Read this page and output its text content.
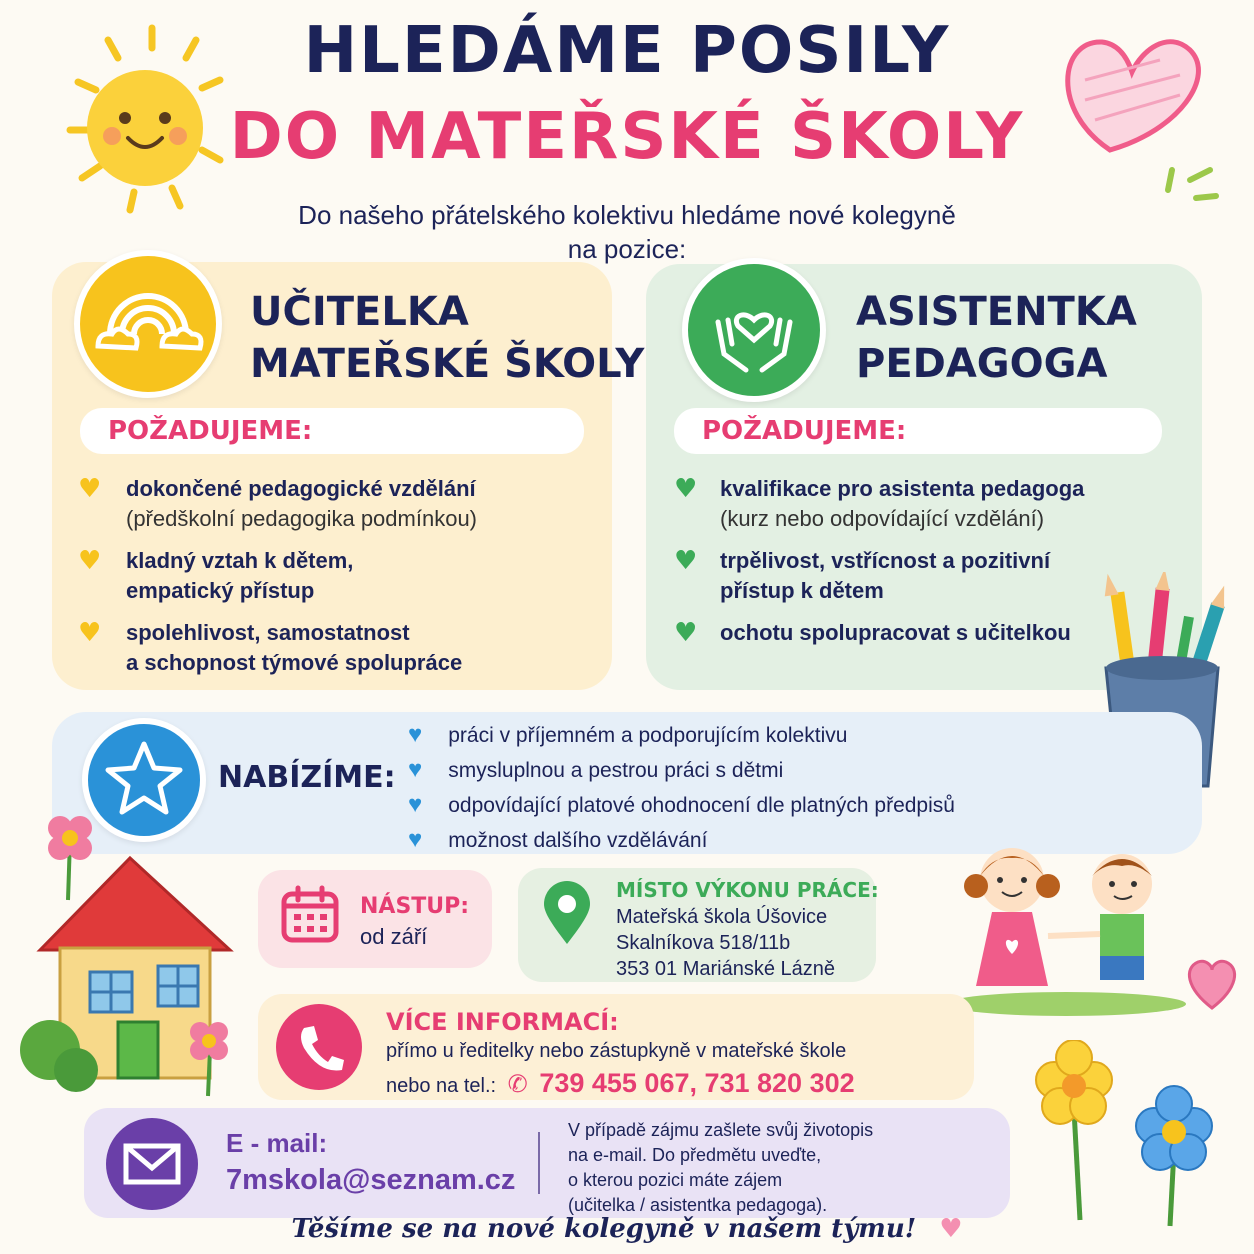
HLEDÁME POSILY
DO MATEŘSKÉ ŠKOLY
Do našeho přátelského kolektivu hledáme nové kolegyně
na pozice:
UČITELKA
MATEŘSKÉ ŠKOLY
POŽADUJEME:
♥ dokončené pedagogické vzdělání
(předškolní pedagogika podmínkou)
♥ kladný vztah k dětem,
empatický přístup
♥ spolehlivost, samostatnost
a schopnost týmové spolupráce
ASISTENTKA
PEDAGOGA
POŽADUJEME:
♥ kvalifikace pro asistenta pedagoga
(kurz nebo odpovídající vzdělání)
♥ trpělivost, vstřícnost a pozitivní
přístup k dětem
♥ ochotu spolupracovat s učitelkou
NABÍZÍME:
♥ práci v příjemném a podporujícím kolektivu
♥ smysluplnou a pestrou práci s dětmi
♥ odpovídající platové ohodnocení dle platných předpisů
♥ možnost dalšího vzdělávání
NÁSTUP:
od září
MÍSTO VÝKONU PRÁCE:
Mateřská škola Úšovice
Skalníkova 518/11b
353 01 Mariánské Lázně
VÍCE INFORMACÍ:
přímo u ředitelky nebo zástupkyně v mateřské škole
nebo na tel.: ✆ 739 455 067, 731 820 302
E - mail:
7mskola@seznam.cz
V případě zájmu zašlete svůj životopis
na e-mail. Do předmětu uveďte,
o kterou pozici máte zájem
(učitelka / asistentka pedagoga).
Těšíme se na nové kolegyně v našem týmu! ♥
